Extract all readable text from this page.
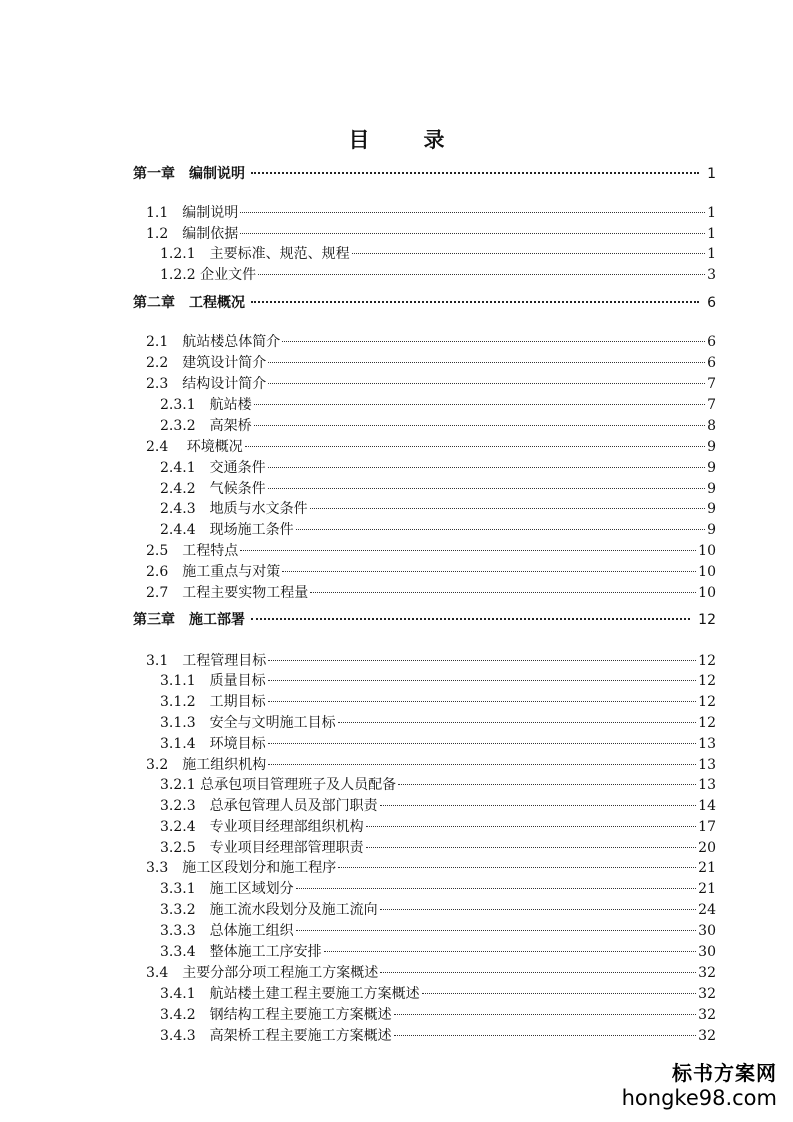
目	录
第一章　编制说明	1
1.1　编制说明	1
1.2　编制依据	1
1.2.1　主要标准、规范、规程	1
1.2.2 企业文件	3
第二章　工程概况	6
2.1　航站楼总体简介	6
2.2　建筑设计简介	6
2.3　结构设计简介	7
2.3.1　航站楼	7
2.3.2　高架桥	8
2.4　 环境概况	9
2.4.1　交通条件	9
2.4.2　气候条件	9
2.4.3　地质与水文条件	9
2.4.4　现场施工条件	9
2.5　工程特点	10
2.6　施工重点与对策	10
2.7　工程主要实物工程量	10
第三章　施工部署	12
3.1　工程管理目标	12
3.1.1　质量目标	12
3.1.2　工期目标	12
3.1.3　安全与文明施工目标	12
3.1.4　环境目标	13
3.2　施工组织机构	13
3.2.1 总承包项目管理班子及人员配备	13
3.2.3　总承包管理人员及部门职责	14
3.2.4　专业项目经理部组织机构	17
3.2.5　专业项目经理部管理职责	20
3.3　施工区段划分和施工程序	21
3.3.1　施工区域划分	21
3.3.2　施工流水段划分及施工流向	24
3.3.3　总体施工组织	30
3.3.4　整体施工工序安排	30
3.4　主要分部分项工程施工方案概述	32
3.4.1　航站楼土建工程主要施工方案概述	32
3.4.2　钢结构工程主要施工方案概述	32
3.4.3　高架桥工程主要施工方案概述	32
标书方案网
hongke98.com
